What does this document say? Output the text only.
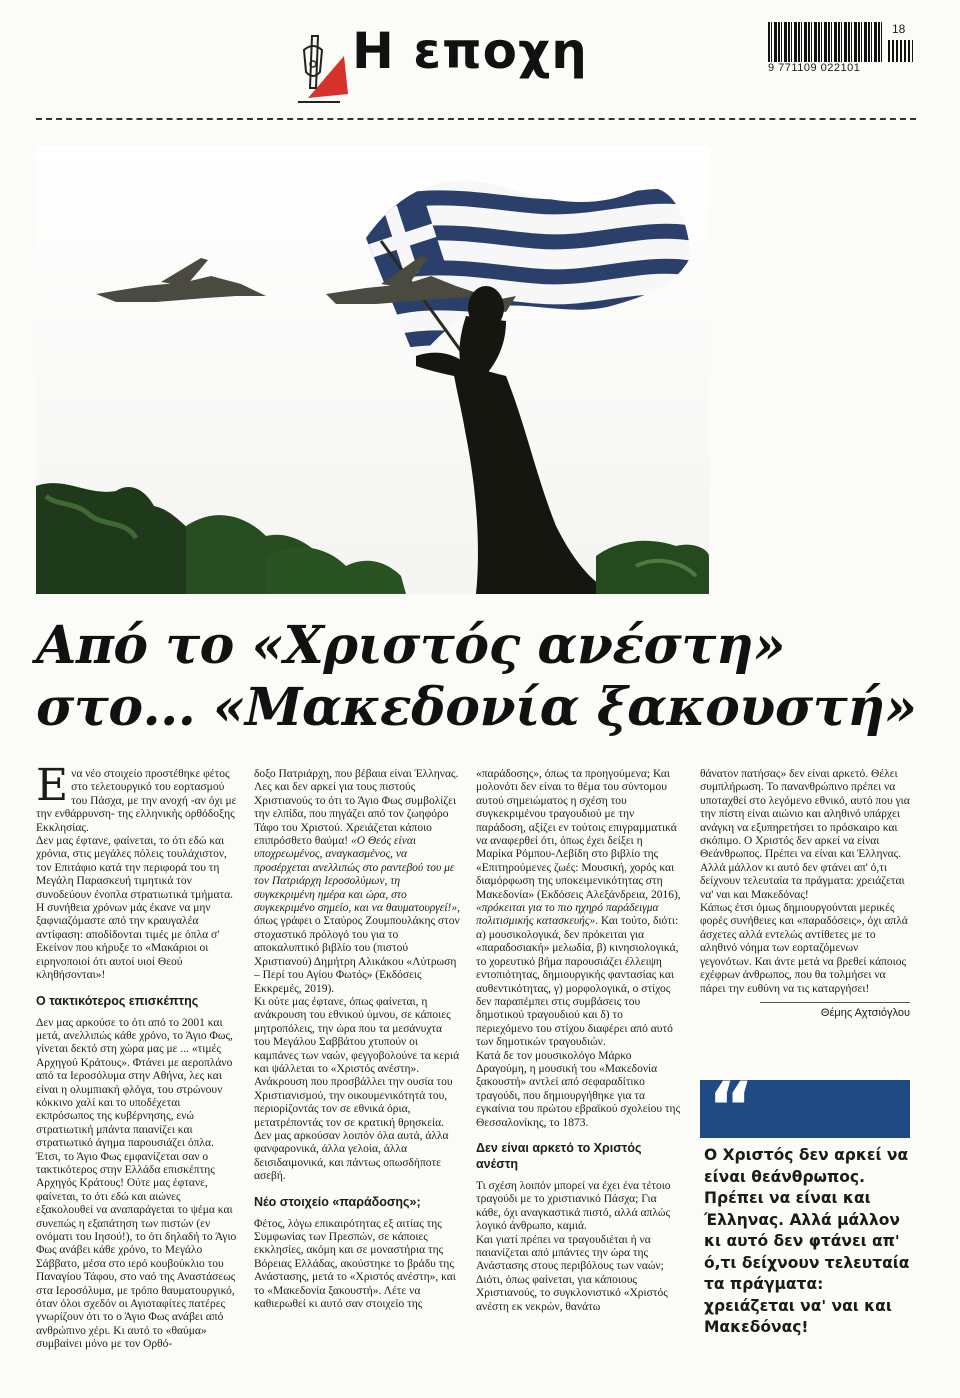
Η εποχη	18
9 771109 022101
Από το «Χριστός ανέστη»
στο... «Μακεδονία ξακουστή»

Ενα νέο στοιχείο προστέθηκε φέτος στο τελετουργικό του εορτασμού του Πάσχα, με την ανοχή -αν όχι με την ενθάρρυνση- της ελληνικής ορθόδοξης Εκκλησίας.

Δεν μας έφτανε, φαίνεται, το ότι εδώ και χρόνια, στις μεγάλες πόλεις τουλάχιστον, τον Επιτάφιο κατά την περιφορά του τη Μεγάλη Παρασκευή τιμητικά τον συνοδεύουν ένοπλα στρατιωτικά τμήματα. Η συνήθεια χρόνων μάς έκανε να μην ξαφνιαζόμαστε από την κραυγαλέα αντίφαση: αποδίδονται τιμές με όπλα σ' Εκείνον που κήρυξε το «Μακάριοι οι ειρηνοποιοί ότι αυτοί υιοί Θεού κληθήσονται»!

Ο τακτικότερος επισκέπτης

Δεν μας αρκούσε το ότι από το 2001 και μετά, ανελλιπώς κάθε χρόνο, το Άγιο Φως, γίνεται δεκτό στη χώρα μας με ... «τιμές Αρχηγού Κράτους». Φτάνει με αεροπλάνο από τα Ιεροσόλυμα στην Αθήνα, λες και είναι η ολυμπιακή φλόγα, του στρώνουν κόκκινο χαλί και το υποδέχεται εκπρόσωπος της κυβέρνησης, ενώ στρατιωτική μπάντα παιανίζει και στρατιωτικό άγημα παρουσιάζει όπλα. Έτσι, το Άγιο Φως εμφανίζεται σαν ο τακτικότερος στην Ελλάδα επισκέπτης Αρχηγός Κράτους! Ούτε μας έφτανε, φαίνεται, το ότι εδώ και αιώνες εξακολουθεί να αναπαράγεται το ψέμα και συνεπώς η εξαπάτηση των πιστών (εν ονόματι του Ιησού!), το ότι δηλαδή το Άγιο Φως ανάβει κάθε χρόνο, το Μεγάλο Σάββατο, μέσα στο ιερό κουβούκλιο του Παναγίου Τάφου, στο ναό της Αναστάσεως στα Ιεροσόλυμα, με τρόπο θαυματουργικό, όταν όλοι σχεδόν οι Αγιοταφίτες πατέρες γνωρίζουν ότι το ο Άγιο Φως ανάβει από ανθρώπινο χέρι. Κι αυτό το «θαύμα» συμβαίνει μόνο με τον Ορθό-

δοξο Πατριάρχη, που βέβαια είναι Έλληνας. Λες και δεν αρκεί για τους πιστούς Χριστιανούς το ότι το Άγιο Φως συμβολίζει την ελπίδα, που πηγάζει από τον ζωηφόρο Τάφο του Χριστού. Χρειάζεται κάποιο επιπρόσθετο θαύμα! «Ο Θεός είναι υποχρεωμένος, αναγκασμένος, να προσέρχεται ανελλιπώς στο ραντεβού του με τον Πατριάρχη Ιεροσολύμων, τη συγκεκριμένη ημέρα και ώρα, στο συγκεκριμένο σημείο, και να θαυματουργεί!», όπως γράφει ο Σταύρος Ζουμπουλάκης στον στοχαστικό πρόλογό του για το αποκαλυπτικό βιβλίο του (πιστού Χριστιανού) Δημήτρη Αλικάκου «Λύτρωση – Περί του Αγίου Φωτός» (Εκδόσεις Εκκρεμές, 2019).

Κι ούτε μας έφτανε, όπως φαίνεται, η ανάκρουση του εθνικού ύμνου, σε κάποιες μητροπόλεις, την ώρα που τα μεσάνυχτα του Μεγάλου Σαββάτου χτυπούν οι καμπάνες των ναών, φεγγοβολούνε τα κεριά και ψάλλεται το «Χριστός ανέστη». Ανάκρουση που προσβάλλει την ουσία του Χριστιανισμού, την οικουμενικότητά του, περιορίζοντάς τον σε εθνικά όρια, μετατρέποντάς τον σε κρατική θρησκεία. Δεν μας αρκούσαν λοιπόν όλα αυτά, άλλα φανφαρονικά, άλλα γελοία, άλλα δεισιδαιμονικά, και πάντως οπωσδήποτε ασεβή.

Νέο στοιχείο «παράδοσης»;

Φέτος, λόγω επικαιρότητας εξ αιτίας της Συμφωνίας των Πρεσπών, σε κάποιες εκκλησίες, ακόμη και σε μοναστήρια της Βόρειας Ελλάδας, ακούστηκε το βράδυ της Ανάστασης, μετά το «Χριστός ανέστη», και το «Μακεδονία ξακουστή». Λέτε να καθιερωθεί κι αυτό σαν στοιχείο της

«παράδοσης», όπως τα προηγούμενα; Και μολονότι δεν είναι το θέμα του σύντομου αυτού σημειώματος η σχέση του συγκεκριμένου τραγουδιού με την παράδοση, αξίζει εν τούτοις επιγραμματικά να αναφερθεί ότι, όπως έχει δείξει η Μαρίκα Ρόμπου-Λεβίδη στο βιβλίο της «Επιτηρούμενες ζωές: Μουσική, χορός και διαμόρφωση της υποκειμενικότητας στη Μακεδονία» (Εκδόσεις Αλεξάνδρεια, 2016), «πρόκειται για το πιο ηχηρό παράδειγμα πολιτισμικής κατασκευής». Και τούτο, διότι: α) μουσικολογικά, δεν πρόκειται για «παραδοσιακή» μελωδία, β) κινησιολογικά, το χορευτικό βήμα παρουσιάζει έλλειψη εντοπιότητας, δημιουργικής φαντασίας και αυθεντικότητας, γ) μορφολογικά, ο στίχος δεν παραπέμπει στις συμβάσεις του δημοτικού τραγουδιού και δ) το περιεχόμενο του στίχου διαφέρει από αυτό των δημοτικών τραγουδιών.

Κατά δε τον μουσικολόγο Μάρκο Δραγούμη, η μουσική του «Μακεδονία ξακουστή» αντλεί από σεφαραδίτικο τραγούδι, που δημιουργήθηκε για τα εγκαίνια του πρώτου εβραϊκού σχολείου της Θεσσαλονίκης, το 1873.

Δεν είναι αρκετό το Χριστός ανέστη

Τι σχέση λοιπόν μπορεί να έχει ένα τέτοιο τραγούδι με το χριστιανικό Πάσχα; Για κάθε, όχι αναγκαστικά πιστό, αλλά απλώς λογικό άνθρωπο, καμιά.

Και γιατί πρέπει να τραγουδιέται ή να παιανίζεται από μπάντες την ώρα της Ανάστασης στους περιβόλους των ναών; Διότι, όπως φαίνεται, για κάποιους Χριστιανούς, το συγκλονιστικό «Χριστός ανέστη εκ νεκρών, θανάτω

θάνατον πατήσας» δεν είναι αρκετό. Θέλει συμπλήρωση. Το πανανθρώπινο πρέπει να υποταχθεί στο λεγόμενο εθνικό, αυτό που για την πίστη είναι αιώνιο και αληθινό υπάρχει ανάγκη να εξυπηρετήσει το πρόσκαιρο και σκόπιμο. Ο Χριστός δεν αρκεί να είναι Θεάνθρωπος. Πρέπει να είναι και Έλληνας. Αλλά μάλλον κι αυτό δεν φτάνει απ' ό,τι δείχνουν τελευταία τα πράγματα: χρειάζεται να' ναι και Μακεδόνας!

Κάπως έτσι όμως δημιουργούνται μερικές φορές συνήθειες και «παραδόσεις», όχι απλά άσχετες αλλά εντελώς αντίθετες με το αληθινό νόημα των εορταζόμενων γεγονότων. Και άντε μετά να βρεθεί κάποιος εχέφρων άνθρωπος, που θα τολμήσει να πάρει την ευθύνη να τις καταργήσει!

Θέμης Αχτσιόγλου
“
Ο Χριστός δεν αρκεί να είναι θεάνθρωπος. Πρέπει να είναι και Έλληνας. Αλλά μάλλον κι αυτό δεν φτάνει απ' ό,τι δείχνουν τελευταία τα πράγματα: χρειάζεται να' ναι και Μακεδόνας!
